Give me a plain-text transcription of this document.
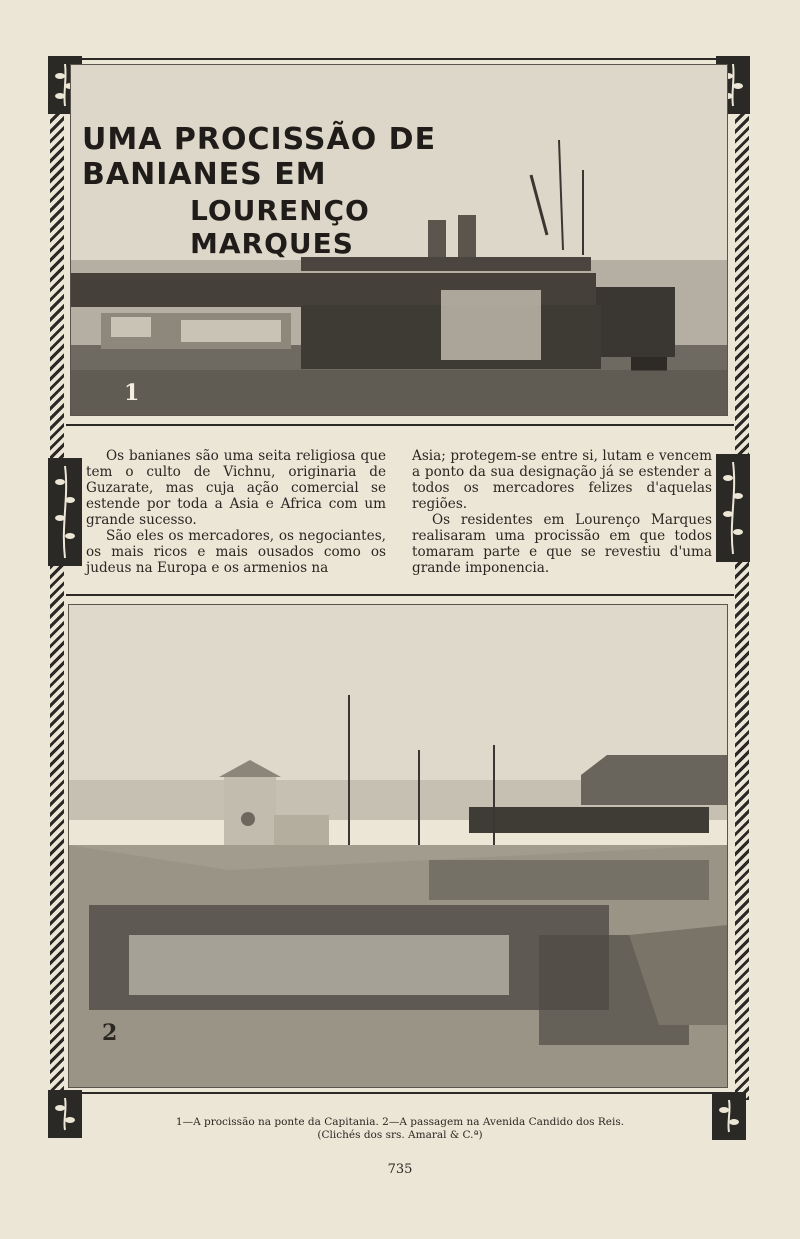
UMA PROCISSÃO DE BANIANES EM
LOURENÇO MARQUES
1

Os banianes são uma seita religiosa que tem o culto de Vichnu, originaria de Guzarate, mas cuja ação comercial se estende por toda a Asia e Africa com um grande sucesso.

São eles os mercadores, os negociantes, os mais ricos e mais ousados como os judeus na Europa e os armenios na

Asia; protegem-se entre si, lutam e vencem a ponto da sua designação já se estender a todos os mercadores felizes d'aquelas regiões.

Os residentes em Lourenço Marques realisaram uma procissão em que todos tomaram parte e que se revestiu d'uma grande imponencia.

2
1—A procissão na ponte da Capitania. 2—A passagem na Avenida Candido dos Reis.
(Clichés dos srs. Amaral & C.ª)
735
